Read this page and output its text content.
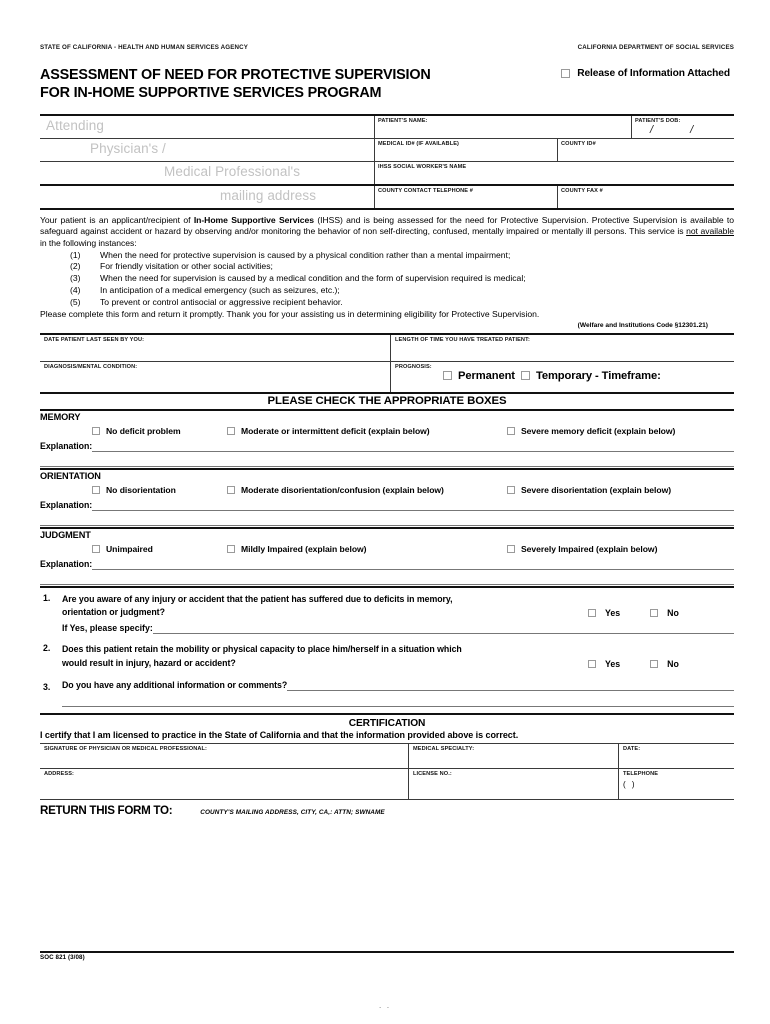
STATE OF CALIFORNIA - HEALTH AND HUMAN SERVICES AGENCY	CALIFORNIA DEPARTMENT OF SOCIAL SERVICES
ASSESSMENT OF NEED FOR PROTECTIVE SUPERVISION
FOR IN-HOME SUPPORTIVE SERVICES PROGRAM
Release of Information Attached
Attending	PATIENT'S NAME:	PATIENT'S DOB:
/ /
Physician's /	MEDICAL ID# (IF AVAILABLE)	COUNTY ID#
Medical Professional's	IHSS SOCIAL WORKER'S NAME
mailing address	COUNTY CONTACT TELEPHONE #	COUNTY FAX #
Your patient is an applicant/recipient of In-Home Supportive Services (IHSS) and is being assessed for the need for Protective Supervision. Protective Supervision is available to safeguard against accident or hazard by observing and/or monitoring the behavior of non self-directing, confused, mentally impaired or mentally ill persons. This service is not available in the following instances:
(1)	When the need for protective supervision is caused by a physical condition rather than a mental impairment;
(2)	For friendly visitation or other social activities;
(3)	When the need for supervision is caused by a medical condition and the form of supervision required is medical;
(4)	In anticipation of a medical emergency (such as seizures, etc.);
(5)	To prevent or control antisocial or aggressive recipient behavior.
Please complete this form and return it promptly. Thank you for your assisting us in determining eligibility for Protective Supervision.
(Welfare and Institutions Code §12301.21)
DATE PATIENT LAST SEEN BY YOU:	LENGTH OF TIME YOU HAVE TREATED PATIENT:
DIAGNOSIS/MENTAL CONDITION:	PROGNOSIS:
Permanent Temporary - Timeframe:
PLEASE CHECK THE APPROPRIATE BOXES
MEMORY
No deficit problem	Moderate or intermittent deficit (explain below)	Severe memory deficit (explain below)
Explanation:
ORIENTATION
No disorientation	Moderate disorientation/confusion (explain below)	Severe disorientation (explain below)
Explanation:
JUDGMENT
Unimpaired	Mildly Impaired (explain below)	Severely Impaired (explain below)
Explanation:
1.	Are you aware of any injury or accident that the patient has suffered due to deficits in memory,
orientation or judgment?	Yes	No
If Yes, please specify:
2.	Does this patient retain the mobility or physical capacity to place him/herself in a situation which
would result in injury, hazard or accident?	Yes	No
3.	Do you have any additional information or comments?
CERTIFICATION
I certify that I am licensed to practice in the State of California and that the information provided above is correct.
SIGNATURE OF PHYSICIAN OR MEDICAL PROFESSIONAL:	MEDICAL SPECIALTY:	DATE:
ADDRESS:	LICENSE NO.:	TELEPHONE
( )
RETURN THIS FORM TO:	COUNTY'S MAILING ADDRESS, CITY, CA,: ATTN; SWNAME
SOC 821 (3/08)
. .
